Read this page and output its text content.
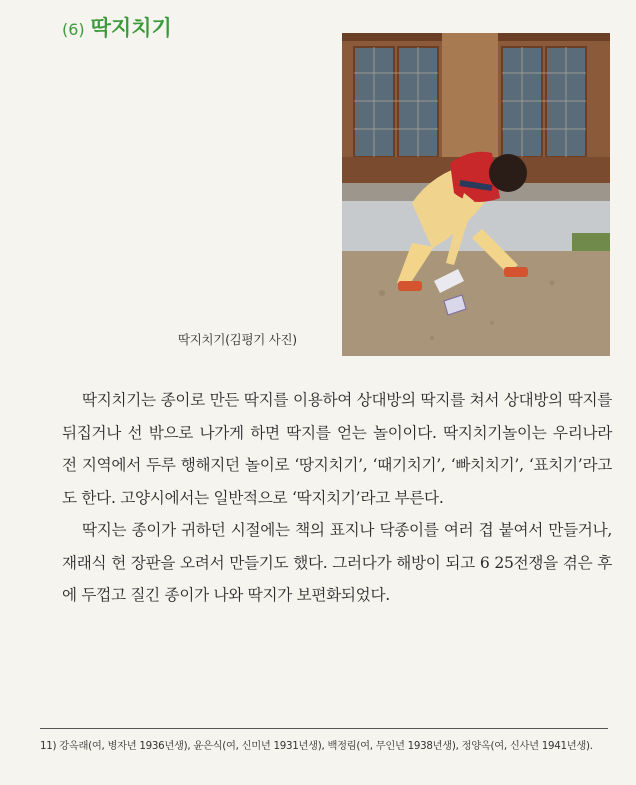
(6) 딱지치기
딱지치기(김평기 사진)

딱지치기는 종이로 만든 딱지를 이용하여 상대방의 딱지를 쳐서 상대방의 딱지를 뒤집거나 선 밖으로 나가게 하면 딱지를 얻는 놀이이다. 딱지치기놀이는 우리나라 전 지역에서 두루 행해지던 놀이로 ‘땅지치기’, ‘때기치기’, ‘빠치치기’, ‘표치기’라고도 한다. 고양시에서는 일반적으로 ‘딱지치기’라고 부른다.

딱지는 종이가 귀하던 시절에는 책의 표지나 닥종이를 여러 겹 붙여서 만들거나, 재래식 헌 장판을 오려서 만들기도 했다. 그러다가 해방이 되고 6 25전쟁을 겪은 후에 두껍고 질긴 종이가 나와 딱지가 보편화되었다.

11) 강옥래(여, 병자년 1936년생), 윤은식(여, 신미년 1931년생), 백정림(여, 무인년 1938년생), 정양옥(여, 신사년 1941년생).
